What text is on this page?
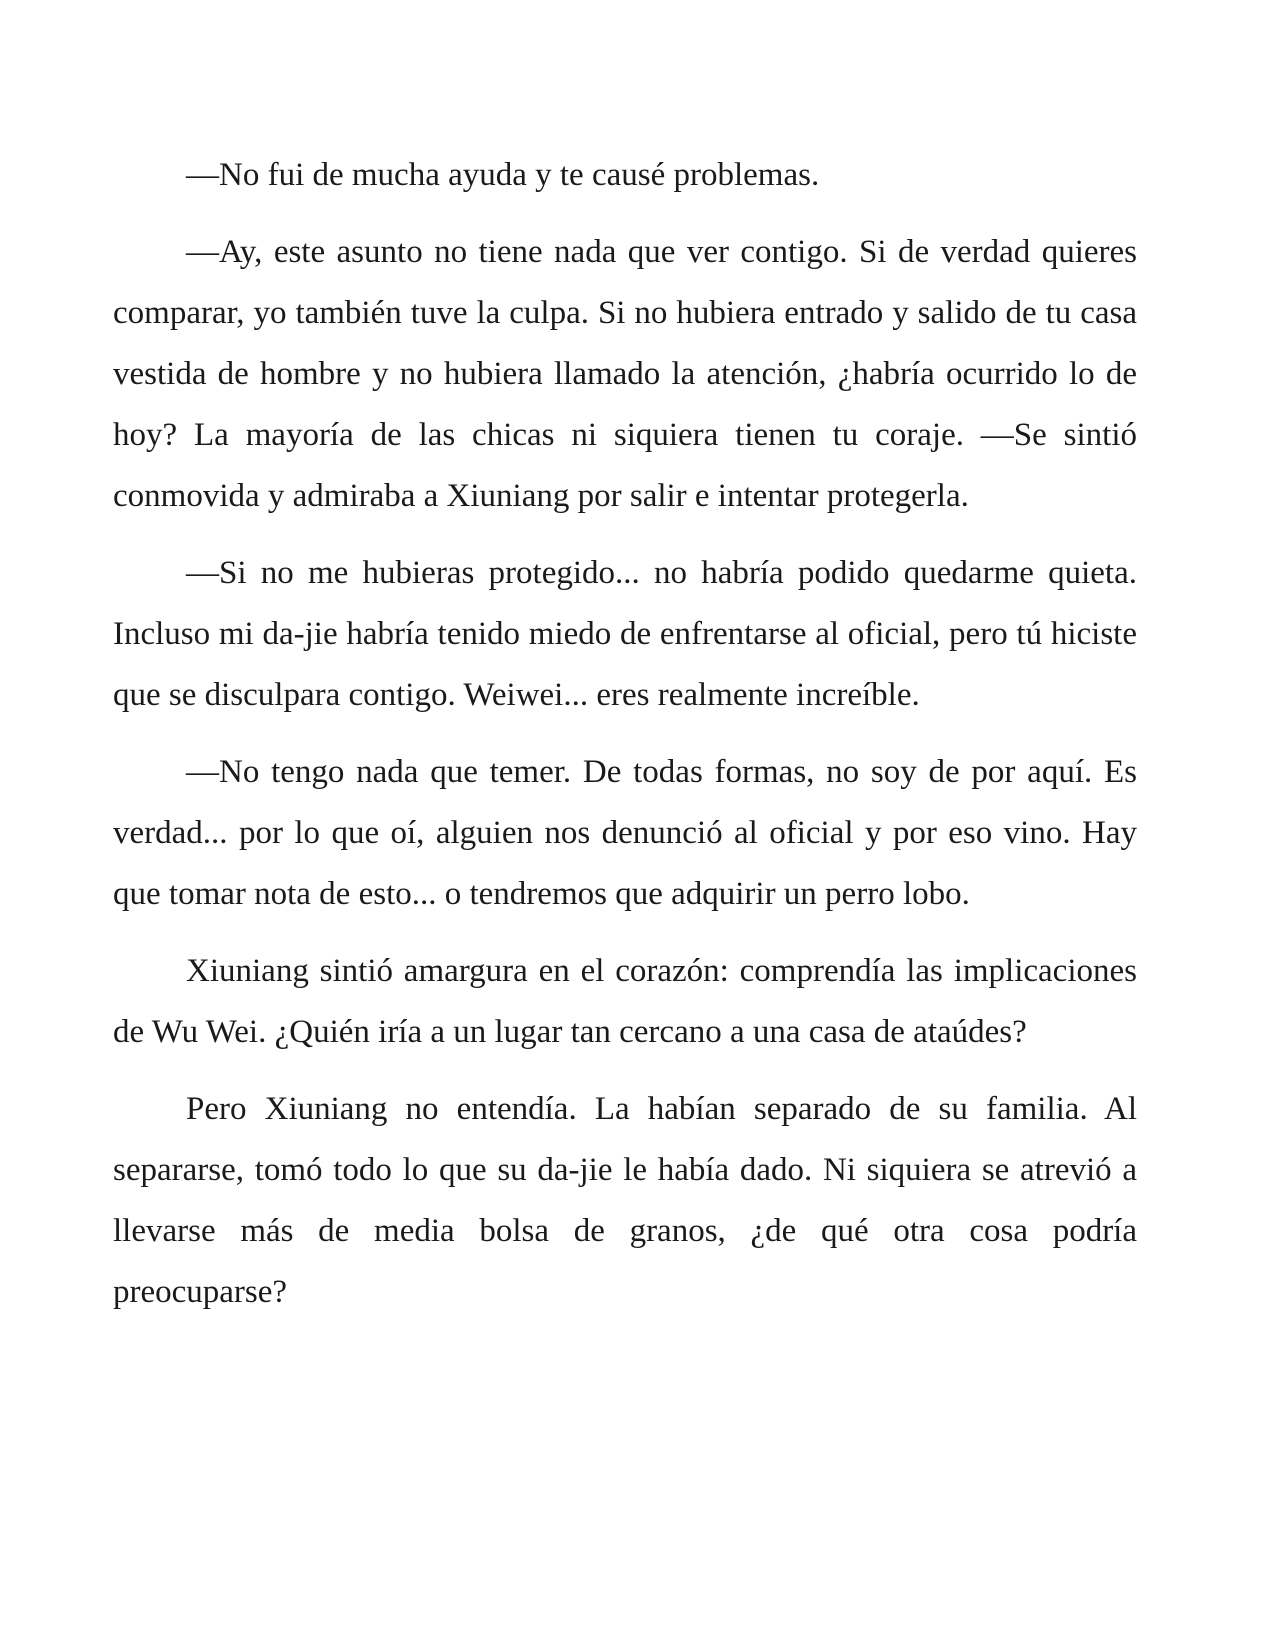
—No fui de mucha ayuda y te causé problemas.

—Ay, este asunto no tiene nada que ver contigo. Si de verdad quieres comparar, yo también tuve la culpa. Si no hubiera entrado y salido de tu casa vestida de hombre y no hubiera llamado la atención, ¿habría ocurrido lo de hoy? La mayoría de las chicas ni siquiera tienen tu coraje. —Se sintió conmovida y admiraba a Xiuniang por salir e intentar protegerla.

—Si no me hubieras protegido... no habría podido quedarme quieta. Incluso mi da-jie habría tenido miedo de enfrentarse al oficial, pero tú hiciste que se disculpara contigo. Weiwei... eres realmente increíble.

—No tengo nada que temer. De todas formas, no soy de por aquí. Es verdad... por lo que oí, alguien nos denunció al oficial y por eso vino. Hay que tomar nota de esto... o tendremos que adquirir un perro lobo.

Xiuniang sintió amargura en el corazón: comprendía las implicaciones de Wu Wei. ¿Quién iría a un lugar tan cercano a una casa de ataúdes?

Pero Xiuniang no entendía. La habían separado de su familia. Al separarse, tomó todo lo que su da-jie le había dado. Ni siquiera se atrevió a llevarse más de media bolsa de granos, ¿de qué otra cosa podría preocuparse?
